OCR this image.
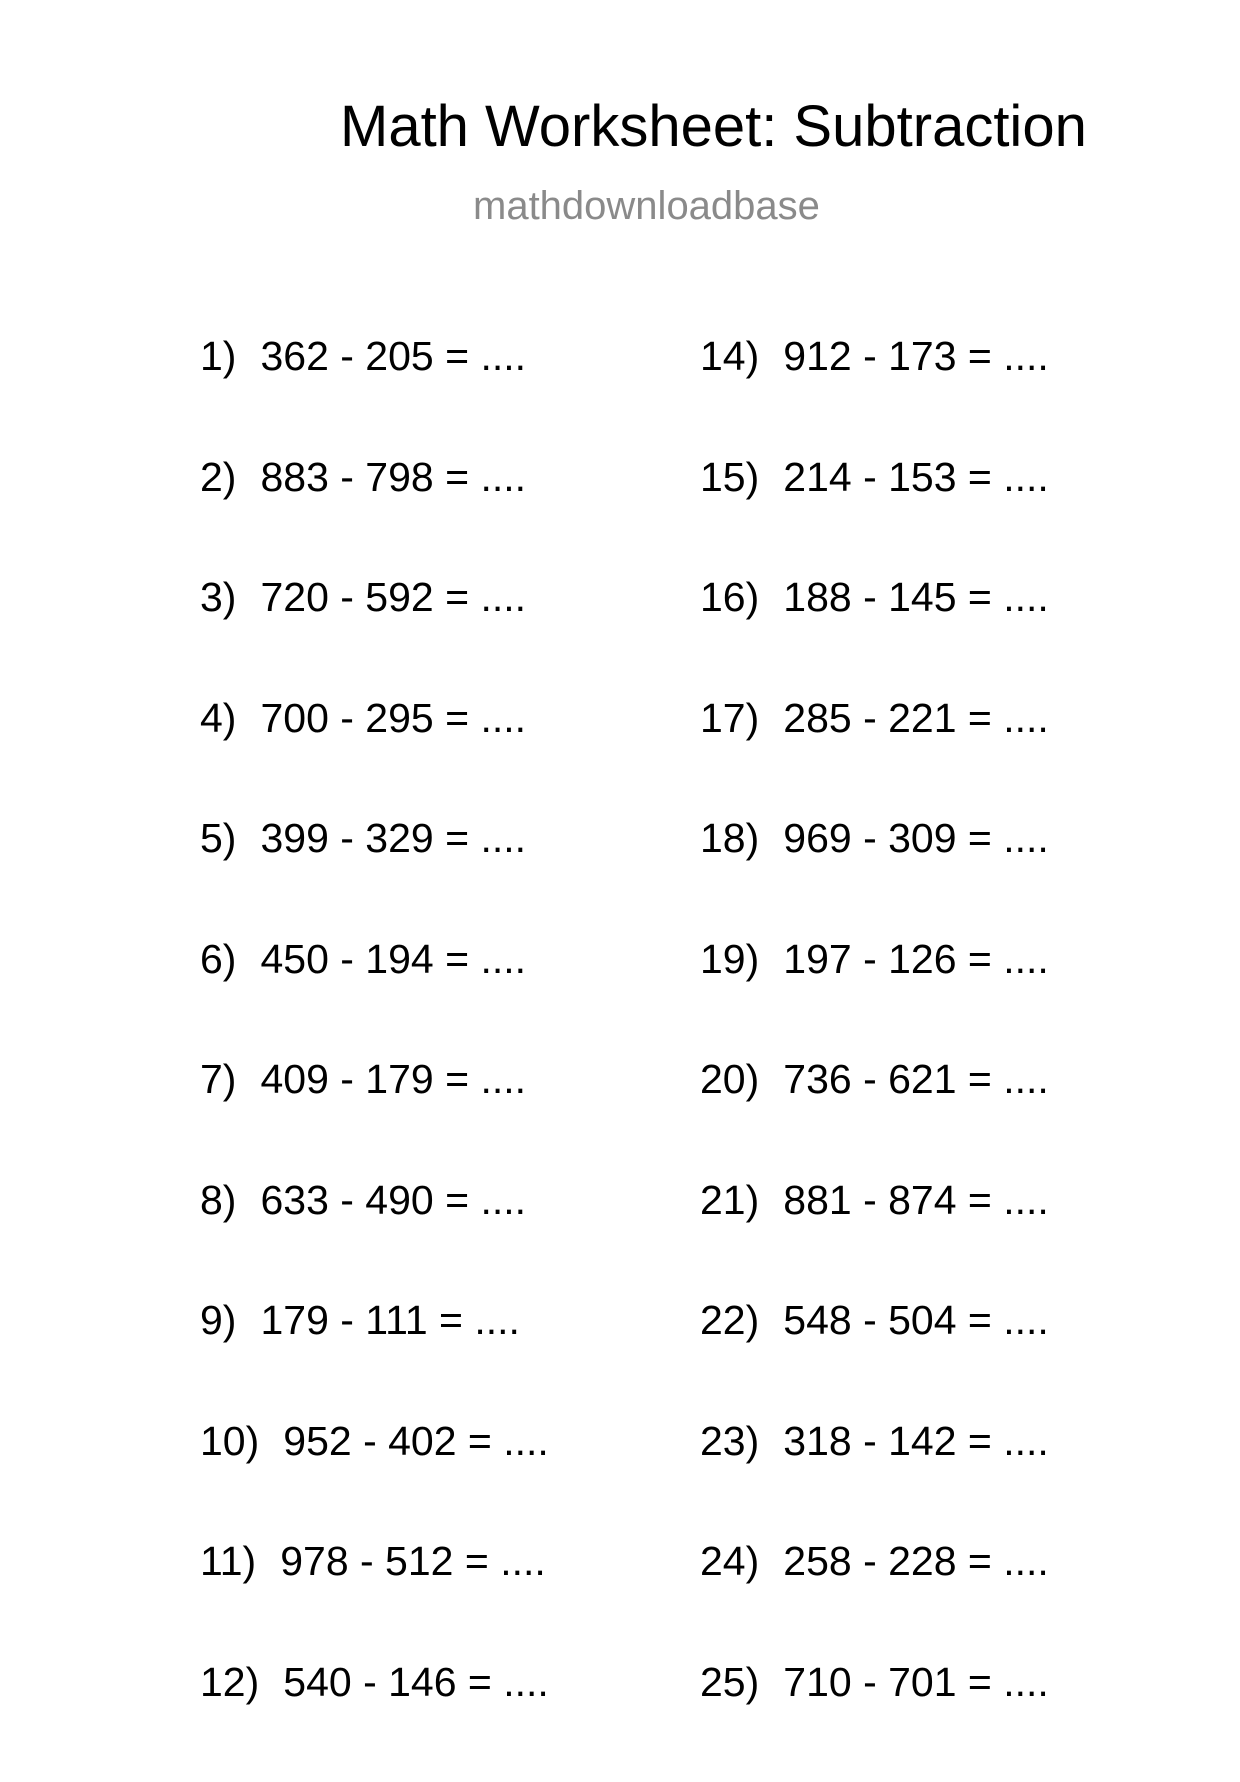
Math Worksheet: Subtraction
mathdownloadbase
1) 362 - 205 = ....
2) 883 - 798 = ....
3) 720 - 592 = ....
4) 700 - 295 = ....
5) 399 - 329 = ....
6) 450 - 194 = ....
7) 409 - 179 = ....
8) 633 - 490 = ....
9) 179 - 111 = ....
10) 952 - 402 = ....
11) 978 - 512 = ....
12) 540 - 146 = ....
14) 912 - 173 = ....
15) 214 - 153 = ....
16) 188 - 145 = ....
17) 285 - 221 = ....
18) 969 - 309 = ....
19) 197 - 126 = ....
20) 736 - 621 = ....
21) 881 - 874 = ....
22) 548 - 504 = ....
23) 318 - 142 = ....
24) 258 - 228 = ....
25) 710 - 701 = ....
